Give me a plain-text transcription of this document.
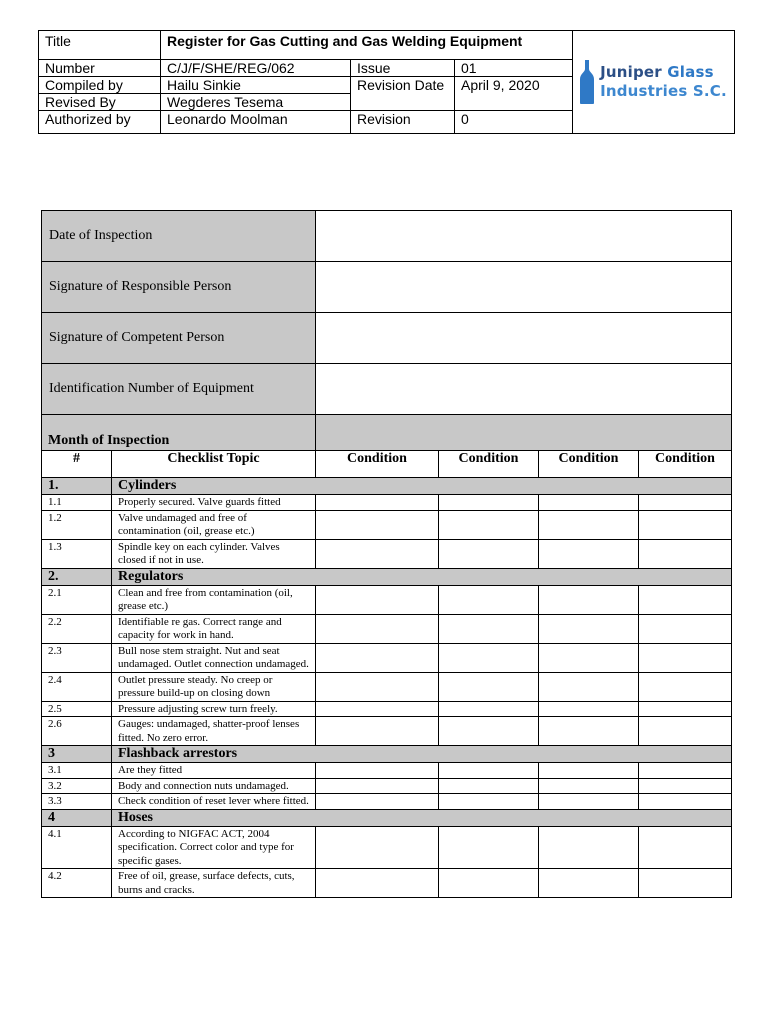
Title	Register for Gas Cutting and Gas Welding Equipment			Juniper Glass
Industries S.C.

Number	C/J/F/SHE/REG/062	Issue	01	
Compiled by	Hailu Sinkie	Revision Date	April 9, 2020	
Revised By	Wegderes Tesema			
Authorized by	Leonardo Moolman	Revision	0	
Date of Inspection					
Signature of Responsible Person					
Signature of Competent Person					
Identification Number of Equipment					
Month of Inspection					
#	Checklist Topic	Condition	Condition	Condition	Condition
1.	Cylinders				
1.1	Properly secured. Valve guards fitted				
1.2	Valve undamaged and free of contamination (oil, grease etc.)				
1.3	Spindle key on each cylinder. Valves closed if not in use.				
2.	Regulators				
2.1	Clean and free from contamination (oil, grease etc.)				
2.2	Identifiable re gas. Correct range and capacity for work in hand.				
2.3	Bull nose stem straight. Nut and seat undamaged. Outlet connection undamaged.				
2.4	Outlet pressure steady. No creep or pressure build-up on closing down				
2.5	Pressure adjusting screw turn freely.				
2.6	Gauges: undamaged, shatter-proof lenses fitted. No zero error.				
3	Flashback arrestors				
3.1	Are they fitted				
3.2	Body and connection nuts undamaged.				
3.3	Check condition of reset lever where fitted.				
4	Hoses				
4.1	According to NIGFAC ACT, 2004 specification. Correct color and type for specific gases.				
4.2	Free of oil, grease, surface defects, cuts, burns and cracks.				
